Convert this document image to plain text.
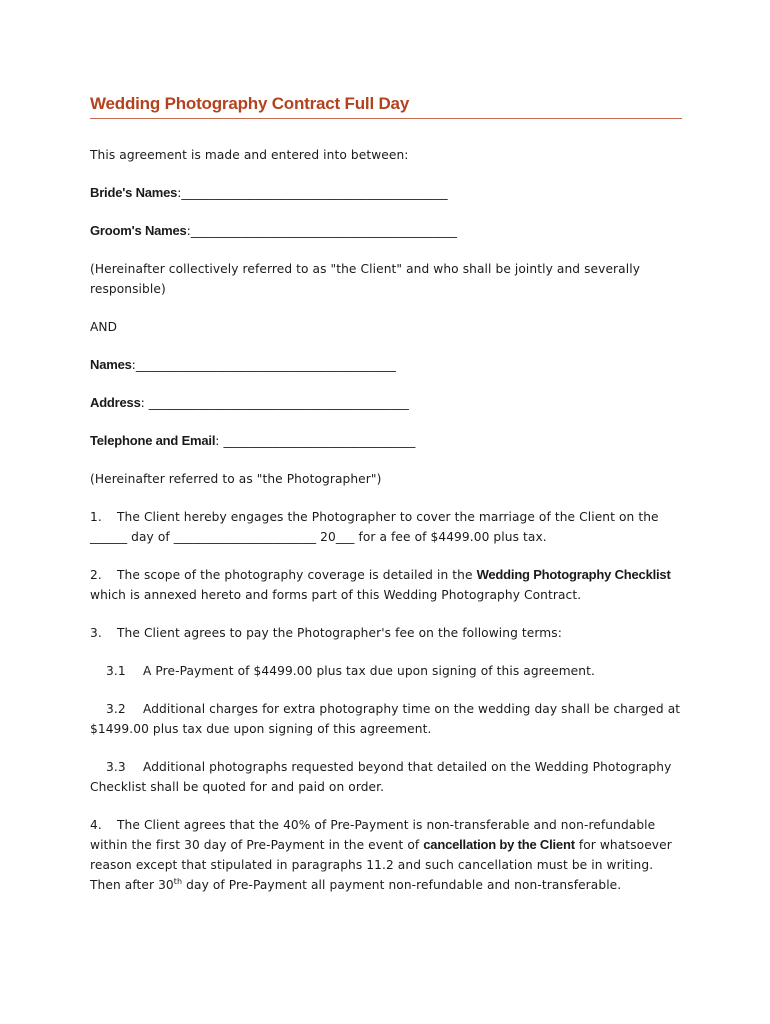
Wedding Photography Contract Full Day

This agreement is made and entered into between:

Bride's Names:___________________________________________

Groom's Names:___________________________________________

(Hereinafter collectively referred to as "the Client" and who shall be jointly and severally responsible)

AND

Names:__________________________________________

Address: __________________________________________

Telephone and Email: _______________________________

(Hereinafter referred to as "the Photographer")

1. The Client hereby engages the Photographer to cover the marriage of the Client on the ______ day of _______________________ 20___ for a fee of $4499.00 plus tax.

2. The scope of the photography coverage is detailed in the Wedding Photography Checklist which is annexed hereto and forms part of this Wedding Photography Contract.

3. The Client agrees to pay the Photographer's fee on the following terms:

3.1 A Pre-Payment of $4499.00 plus tax due upon signing of this agreement.

3.2 Additional charges for extra photography time on the wedding day shall be charged at $1499.00 plus tax due upon signing of this agreement.

3.3 Additional photographs requested beyond that detailed on the Wedding Photography Checklist shall be quoted for and paid on order.

4. The Client agrees that the 40% of Pre-Payment is non-transferable and non-refundable within the first 30 day of Pre-Payment in the event of cancellation by the Client for whatsoever reason except that stipulated in paragraphs 11.2 and such cancellation must be in writing. Then after 30th day of Pre-Payment all payment non-refundable and non-transferable.
